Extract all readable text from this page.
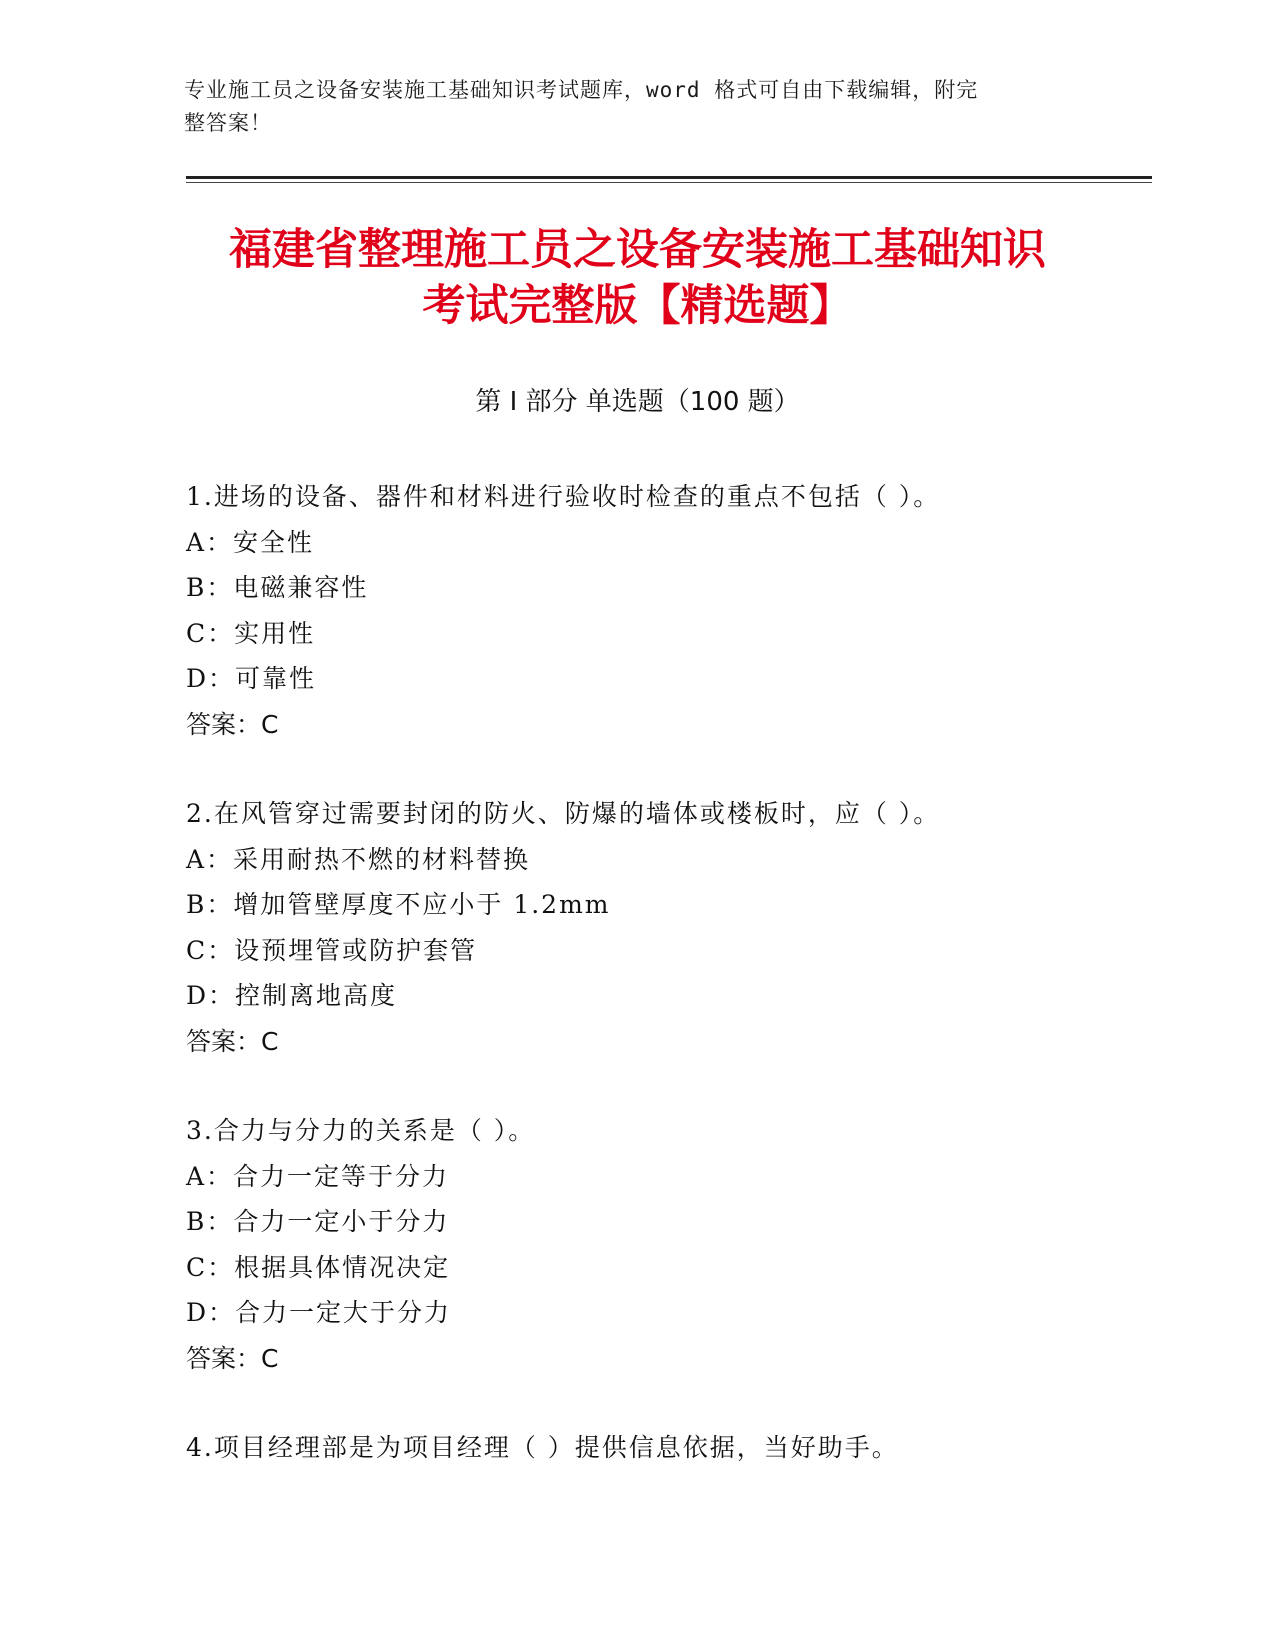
专业施工员之设备安装施工基础知识考试题库，word 格式可自由下载编辑，附完
整答案！
福建省整理施工员之设备安装施工基础知识
考试完整版【精选题】
第 I 部分 单选题（100 题）
1.进场的设备、器件和材料进行验收时检查的重点不包括（ ）。
A：安全性
B：电磁兼容性
C：实用性
D：可靠性
答案：C
2.在风管穿过需要封闭的防火、防爆的墙体或楼板时，应（ ）。
A：采用耐热不燃的材料替换
B：增加管壁厚度不应小于 1.2mm
C：设预埋管或防护套管
D：控制离地高度
答案：C
3.合力与分力的关系是（ ）。
A：合力一定等于分力
B：合力一定小于分力
C：根据具体情况决定
D：合力一定大于分力
答案：C
4.项目经理部是为项目经理（ ）提供信息依据，当好助手。
